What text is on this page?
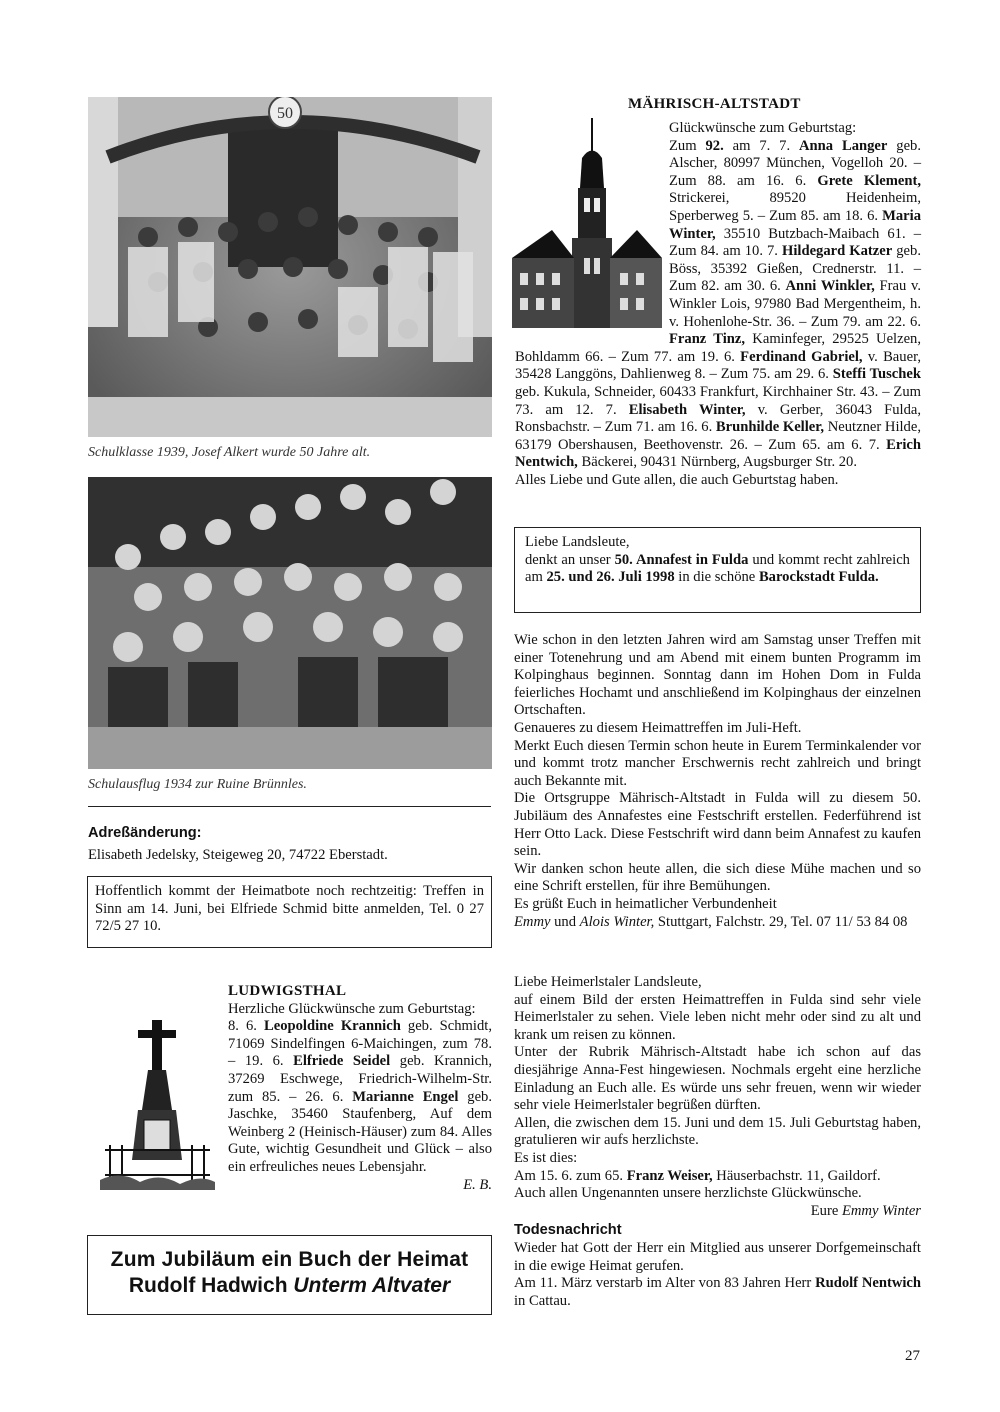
50
Schulklasse 1939, Josef Alkert wurde 50 Jahre alt.
Schulausflug 1934 zur Ruine Brünnles.
Adreßänderung:
Elisabeth Jedelsky, Steigeweg 20, 74722 Eberstadt.

Hoffentlich kommt der Heimatbote noch rechtzeitig: Treffen in Sinn am 14. Juni, bei Elfriede Schmid bitte anmelden, Tel. 0 27 72/5 27 10.

LUDWIGSTHAL

Herzliche Glückwünsche zum Geburtstag:

8. 6. Leopoldine Krannich geb. Schmidt, 71069 Sindelfingen 6-Maichingen, zum 78. – 19. 6. Elfriede Seidel geb. Krannich, 37269 Eschwege, Friedrich-Wilhelm-Str. zum 85. – 26. 6. Marianne Engel geb. Jaschke, 35460 Staufenberg, Auf dem Weinberg 2 (Heinisch-Häuser) zum 84. Alles Gute, wichtig Gesundheit und Glück – also ein erfreuliches neues Lebensjahr.

E. B.

Zum Jubiläum ein Buch der Heimat
Rudolf Hadwich Unterm Altvater
MÄHRISCH-ALTSTADT

Glückwünsche zum Geburtstag:

Zum 92. am 7. 7. Anna Langer geb. Alscher, 80997 München, Vogelloh 20. – Zum 88. am 16. 6. Grete Klement, Strickerei, 89520 Heidenheim, Sperberweg 5. – Zum 85. am 18. 6. Maria Winter, 35510 Butzbach-Maibach 61. – Zum 84. am 10. 7. Hildegard Katzer geb. Böss, 35392 Gießen, Crednerstr. 11. – Zum 82. am 30. 6. Anni Winkler, Frau v. Winkler Lois, 97980 Bad Mergentheim, h. v. Hohenlohe-Str. 36. – Zum 79. am 22. 6. Franz Tinz, Kaminfeger, 29525 Uelzen, Bohldamm 66. – Zum 77. am 19. 6. Ferdinand Gabriel, v. Bauer, 35428 Langgöns, Dahlienweg 8. – Zum 75. am 29. 6. Steffi Tuschek geb. Kukula, Schneider, 60433 Frankfurt, Kirchhainer Str. 43. – Zum 73. am 12. 7. Elisabeth Winter, v. Gerber, 36043 Fulda, Ronsbachstr. – Zum 71. am 16. 6. Brunhilde Keller, Neutzner Hilde, 63179 Obershausen, Beethovenstr. 26. – Zum 65. am 6. 7. Erich Nentwich, Bäckerei, 90431 Nürnberg, Augsburger Str. 20.

Alles Liebe und Gute allen, die auch Geburtstag haben.

Liebe Landsleute,

denkt an unser 50. Annafest in Fulda und kommt recht zahlreich am 25. und 26. Juli 1998 in die schöne Barockstadt Fulda.

Wie schon in den letzten Jahren wird am Samstag unser Treffen mit einer Totenehrung und am Abend mit einem bunten Programm im Kolpinghaus beginnen. Sonntag dann im Hohen Dom in Fulda feierliches Hochamt und anschließend im Kolpinghaus der einzelnen Ortschaften.

Genaueres zu diesem Heimattreffen im Juli-Heft.

Merkt Euch diesen Termin schon heute in Eurem Terminkalender vor und kommt trotz mancher Erschwernis recht zahlreich und bringt auch Bekannte mit.

Die Ortsgruppe Mährisch-Altstadt in Fulda will zu diesem 50. Jubiläum des Annafestes eine Festschrift erstellen. Federführend ist Herr Otto Lack. Diese Festschrift wird dann beim Annafest zu kaufen sein.

Wir danken schon heute allen, die sich diese Mühe machen und so eine Schrift erstellen, für ihre Bemühungen.

Es grüßt Euch in heimatlicher Verbundenheit

Emmy und Alois Winter, Stuttgart, Falchstr. 29, Tel. 07 11/ 53 84 08

Liebe Heimerlstaler Landsleute,

auf einem Bild der ersten Heimattreffen in Fulda sind sehr viele Heimerlstaler zu sehen. Viele leben nicht mehr oder sind zu alt und krank um reisen zu können.

Unter der Rubrik Mährisch-Altstadt habe ich schon auf das diesjährige Anna-Fest hingewiesen. Nochmals ergeht eine herzliche Einladung an Euch alle. Es würde uns sehr freuen, wenn wir wieder sehr viele Heimerlstaler begrüßen dürften.

Allen, die zwischen dem 15. Juni und dem 15. Juli Geburtstag haben, gratulieren wir aufs herzlichste.

Es ist dies:

Am 15. 6. zum 65. Franz Weiser, Häuserbachstr. 11, Gaildorf.

Auch allen Ungenannten unsere herzlichste Glückwünsche.

Eure Emmy Winter

Todesnachricht

Wieder hat Gott der Herr ein Mitglied aus unserer Dorfgemeinschaft in die ewige Heimat gerufen.

Am 11. März verstarb im Alter von 83 Jahren Herr Rudolf Nentwich in Cattau.

27
